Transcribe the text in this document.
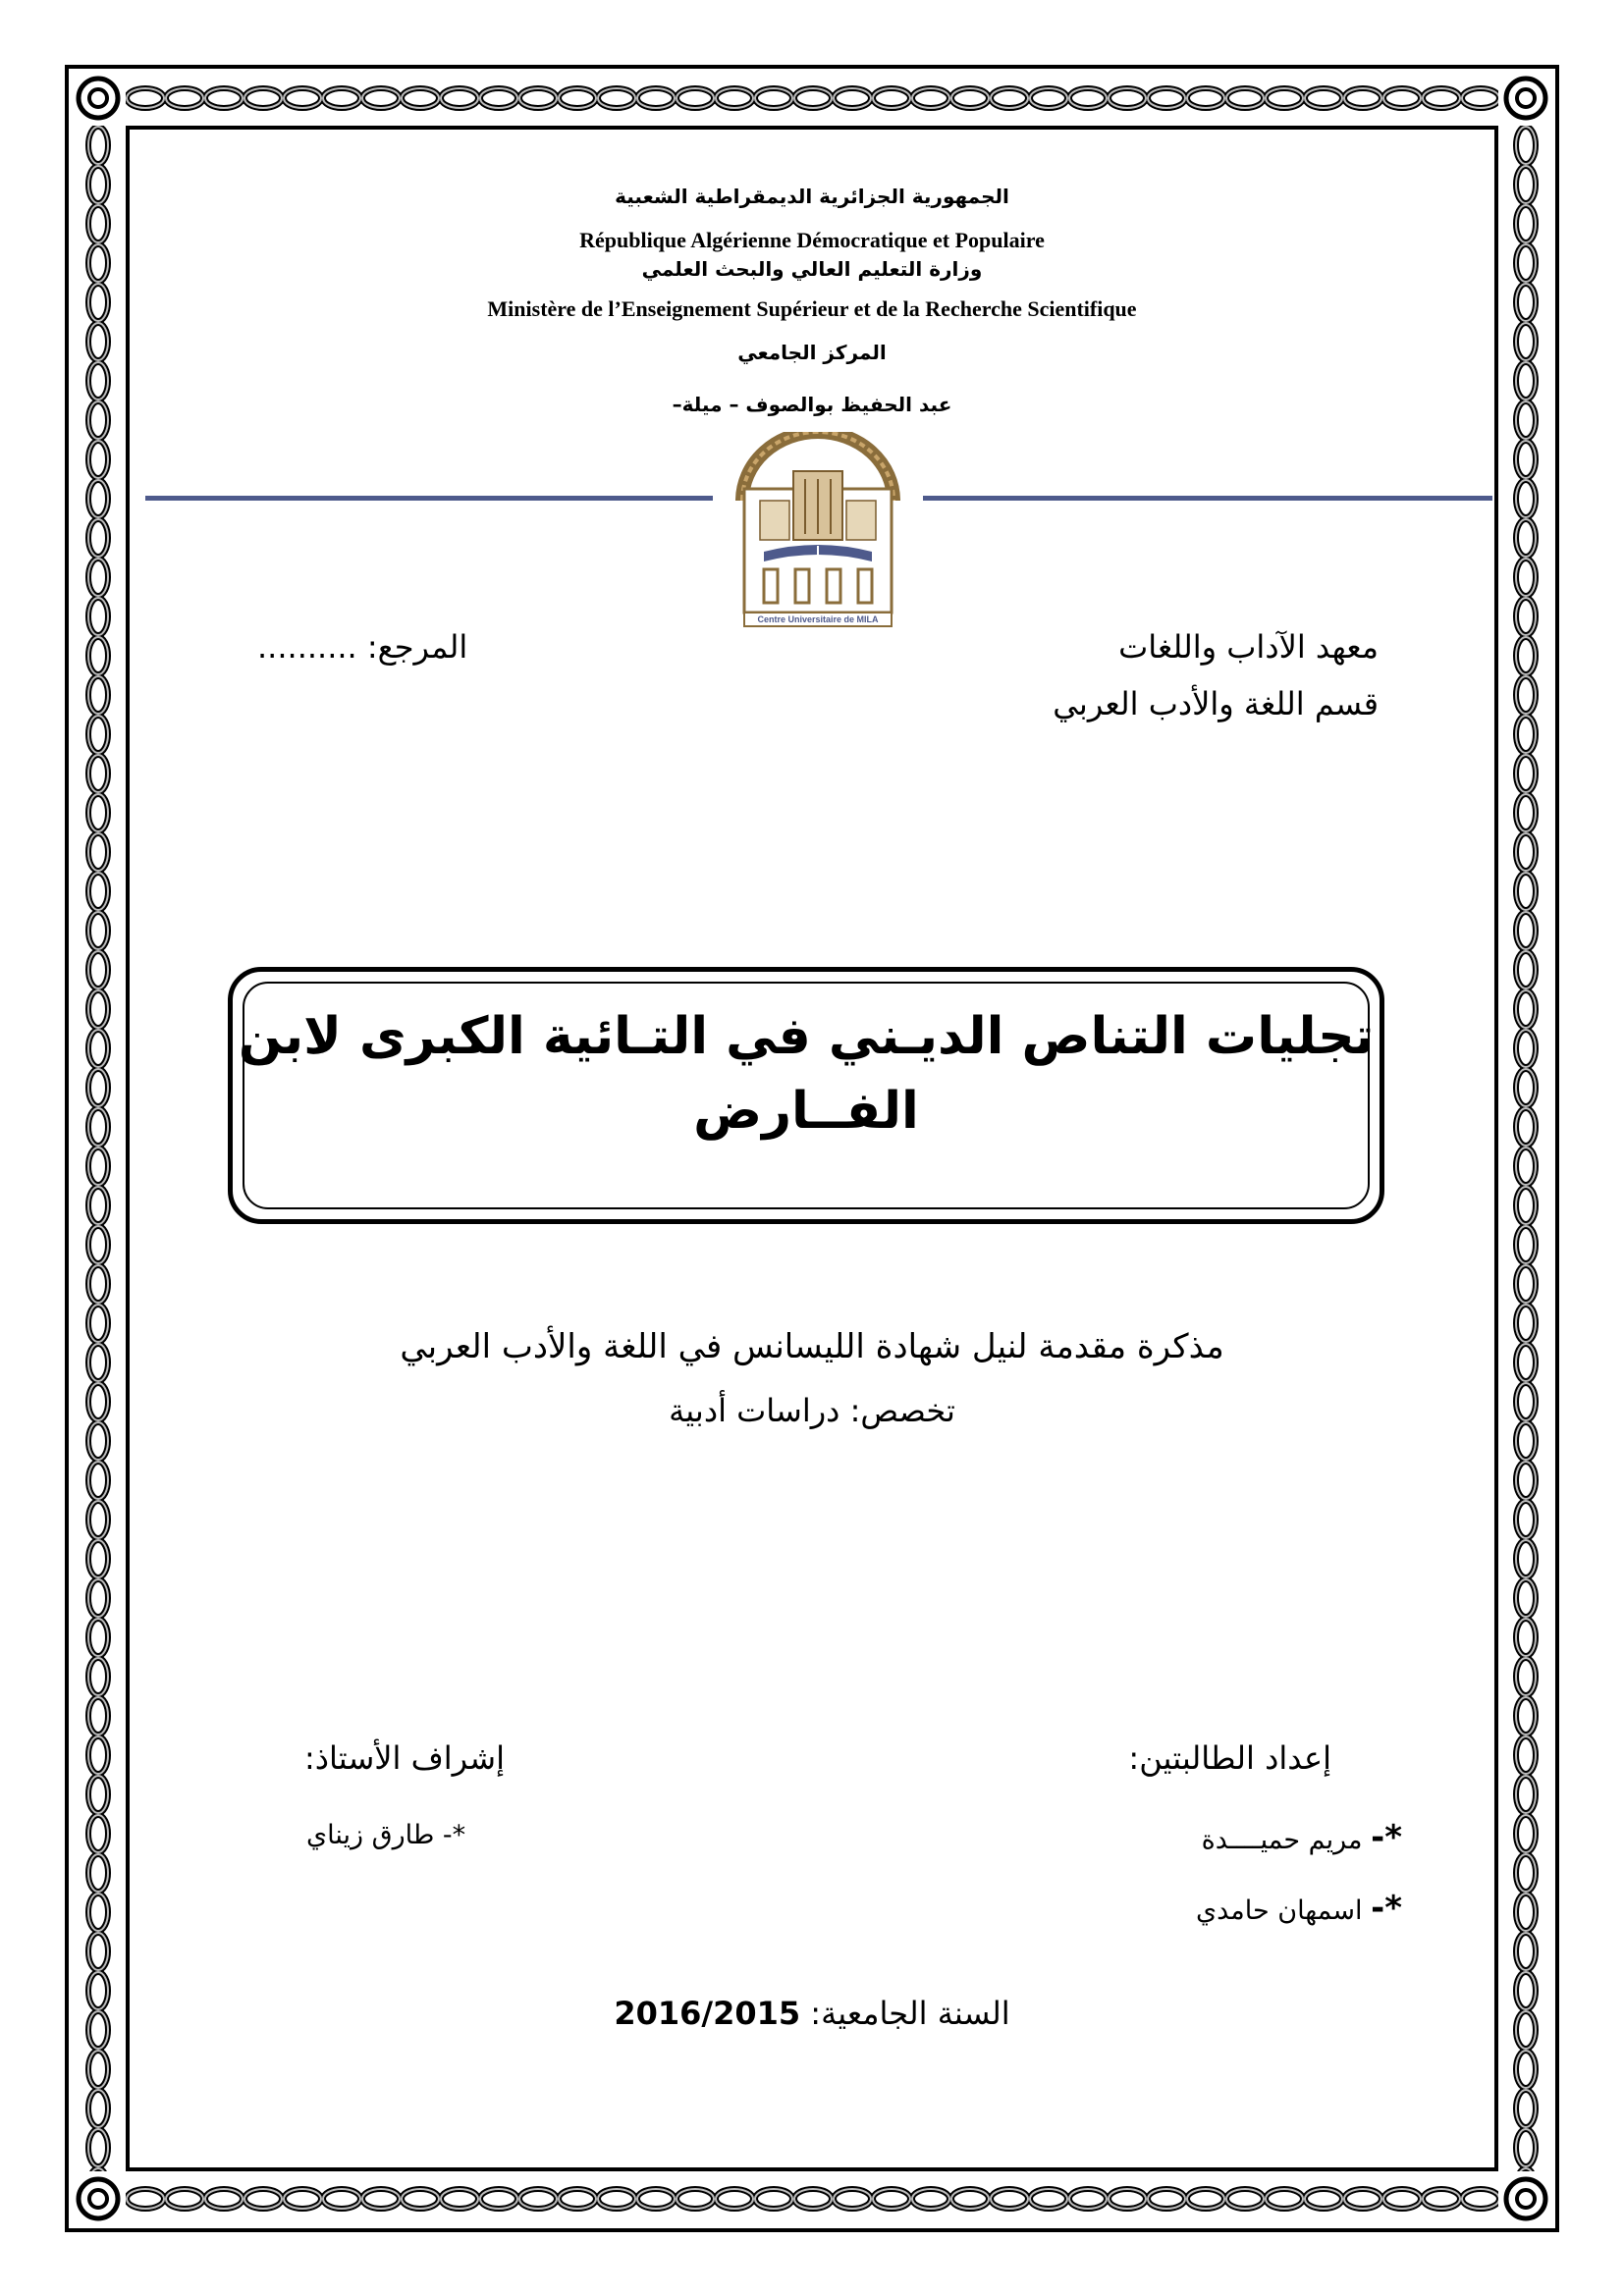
الجمهورية الجزائرية الديمقراطية الشعبية
République Algérienne Démocratique et Populaire
وزارة التعليم العالي والبحث العلمي
Ministère de l’Enseignement Supérieur et de la Recherche Scientifique
المركز الجامعي
عبد الحفيظ بوالصوف – ميلة–
Centre Universitaire de MILA
معهد الآداب واللغات
قسم اللغة والأدب العربي
المرجع: ..........
تجليات التناص الديـني في التـائية الكبرى لابن
الفــارض
مذكرة مقدمة لنيل شهادة الليسانس في اللغة والأدب العربي
تخصص: دراسات أدبية
إعداد الطالبتين:
إشراف الأستاذ:
*- مريم حميــــدة
*- اسمهان حامدي
*- طارق زيناي
السنة الجامعية: 2016/2015
